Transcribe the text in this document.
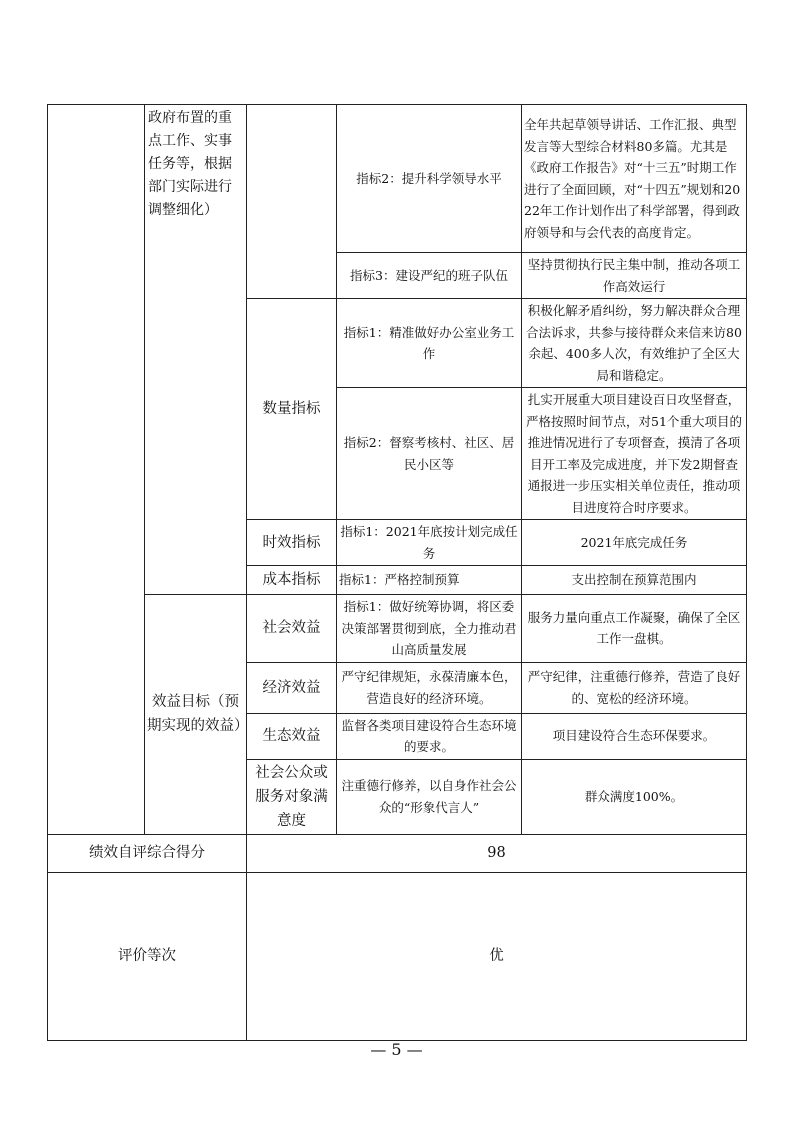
	政府布置的重点工作、实事任务等，根据部门实际进行调整细化）		指标2：提升科学领导水平	全年共起草领导讲话、工作汇报、典型发言等大型综合材料80多篇。尤其是《政府工作报告》对“十三五”时期工作进行了全面回顾，对“十四五”规划和2022年工作计划作出了科学部署，得到政府领导和与会代表的高度肯定。
			指标3：建设严纪的班子队伍	坚持贯彻执行民主集中制，推动各项工作高效运行
		数量指标	指标1：精准做好办公室业务工作	积极化解矛盾纠纷，努力解决群众合理合法诉求，共参与接待群众来信来访80余起、400多人次，有效维护了全区大局和谐稳定。
			指标2：督察考核村、社区、居民小区等	扎实开展重大项目建设百日攻坚督查，严格按照时间节点，对51个重大项目的推进情况进行了专项督查，摸清了各项目开工率及完成进度，并下发2期督查通报进一步压实相关单位责任，推动项目进度符合时序要求。
		时效指标	指标1：2021年底按计划完成任务	2021年底完成任务
		成本指标	指标1：严格控制预算	支出控制在预算范围内
	效益目标（预期实现的效益）	社会效益	指标1：做好统筹协调，将区委决策部署贯彻到底，全力推动君山高质量发展	服务力量向重点工作凝聚，确保了全区工作一盘棋。
		经济效益	严守纪律规矩，永葆清廉本色，营造良好的经济环境。	严守纪律，注重德行修养，营造了良好的、宽松的经济环境。
		生态效益	监督各类项目建设符合生态环境的要求。	项目建设符合生态环保要求。
		社会公众或服务对象满意度	注重德行修养，以自身作社会公众的“形象代言人”	群众满度100%。
绩效自评综合得分		98		
评价等次		优		
— 5 —
